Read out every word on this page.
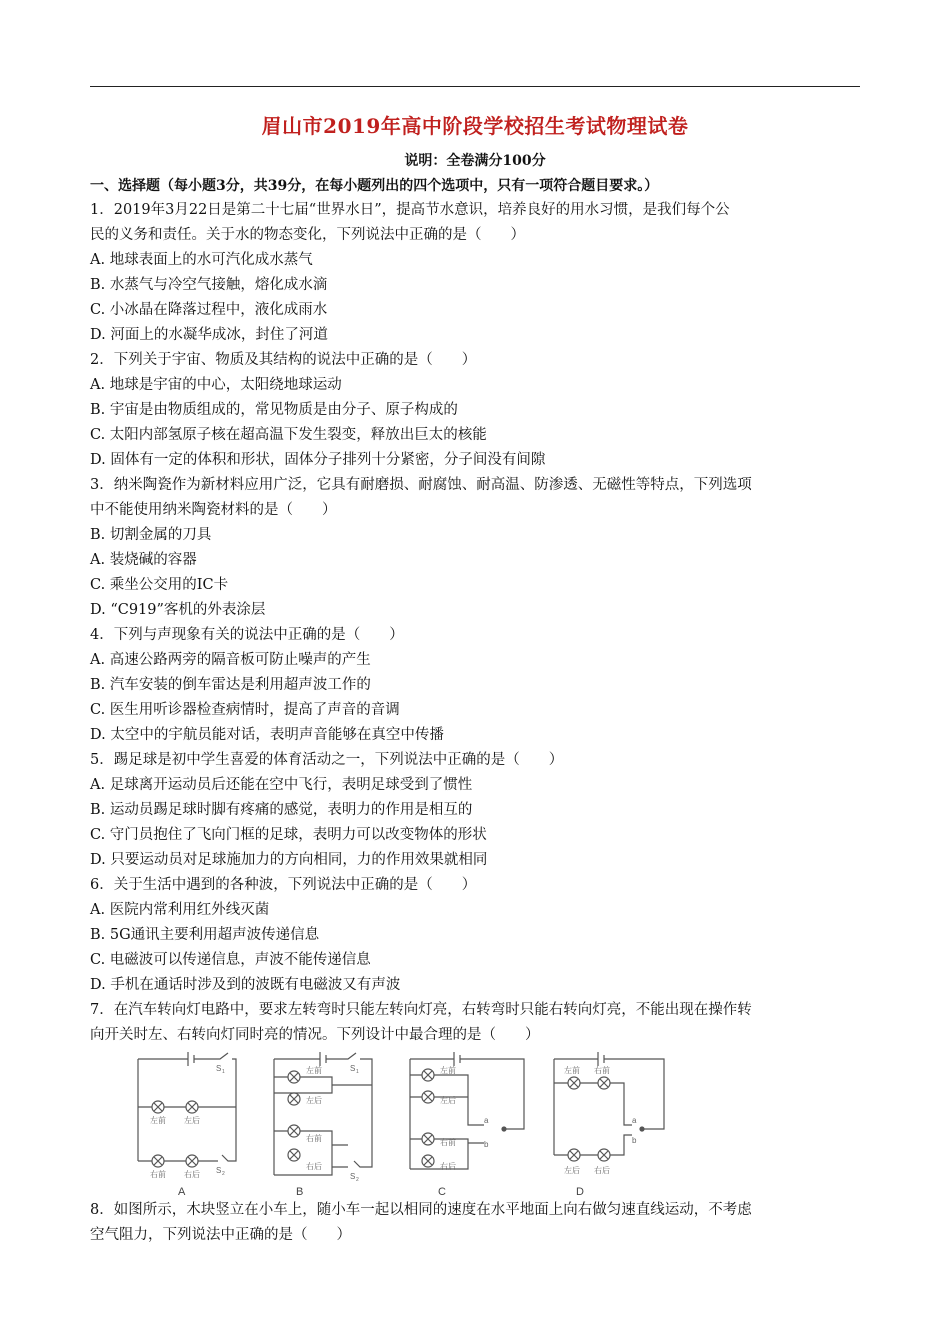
眉山市2019年高中阶段学校招生考试物理试卷
说明：全卷满分100分
一、选择题（每小题3分，共39分，在每小题列出的四个选项中，只有一项符合题目要求。）
1．2019年3月22日是第二十七届“世界水日”，提高节水意识，培养良好的用水习惯，是我们每个公
民的义务和责任。关于水的物态变化，下列说法中正确的是（　　）
A. 地球表面上的水可汽化成水蒸气
B. 水蒸气与冷空气接触，熔化成水滴
C. 小冰晶在降落过程中，液化成雨水
D. 河面上的水凝华成冰，封住了河道
2．下列关于宇宙、物质及其结构的说法中正确的是（　　）
A. 地球是宇宙的中心，太阳绕地球运动
B. 宇宙是由物质组成的，常见物质是由分子、原子构成的
C. 太阳内部氢原子核在超高温下发生裂变，释放出巨太的核能
D. 固体有一定的体积和形状，固体分子排列十分紧密，分子间没有间隙
3．纳米陶瓷作为新材料应用广泛，它具有耐磨损、耐腐蚀、耐高温、防渗透、无磁性等特点，下列选项
中不能使用纳米陶瓷材料的是（　　）
B. 切割金属的刀具
A. 装烧碱的容器
C. 乘坐公交用的IC卡
D. “C919”客机的外表涂层
4．下列与声现象有关的说法中正确的是（　　）
A. 高速公路两旁的隔音板可防止噪声的产生
B. 汽车安装的倒车雷达是利用超声波工作的
C. 医生用听诊器检查病情时，提高了声音的音调
D. 太空中的宇航员能对话，表明声音能够在真空中传播
5．踢足球是初中学生喜爱的体育活动之一，下列说法中正确的是（　　）
A. 足球离开运动员后还能在空中飞行，表明足球受到了惯性
B. 运动员踢足球时脚有疼痛的感觉，表明力的作用是相互的
C. 守门员抱住了飞向门框的足球，表明力可以改变物体的形状
D. 只要运动员对足球施加力的方向相同，力的作用效果就相同
6．关于生活中遇到的各种波，下列说法中正确的是（　　）
A. 医院内常利用红外线灭菌
B. 5G通讯主要利用超声波传递信息
C. 电磁波可以传递信息，声波不能传递信息
D. 手机在通话时涉及到的波既有电磁波又有声波
7．在汽车转向灯电路中，要求左转弯时只能左转向灯亮，右转弯时只能右转向灯亮，不能出现在操作转
向开关时左、右转向灯同时亮的情况。下列设计中最合理的是（　　）
8．如图所示，木块竖立在小车上，随小车一起以相同的速度在水平地面上向右做匀速直线运动，不考虑
空气阻力，下列说法中正确的是（　　）
S 1
左前 左后
右前 右后 S 2
左前
左后
右前
右后
S 1
S 2
左前
左后
右前
右后
a
b
左前 右前
左后 右后
a
b
A	B	C	D
